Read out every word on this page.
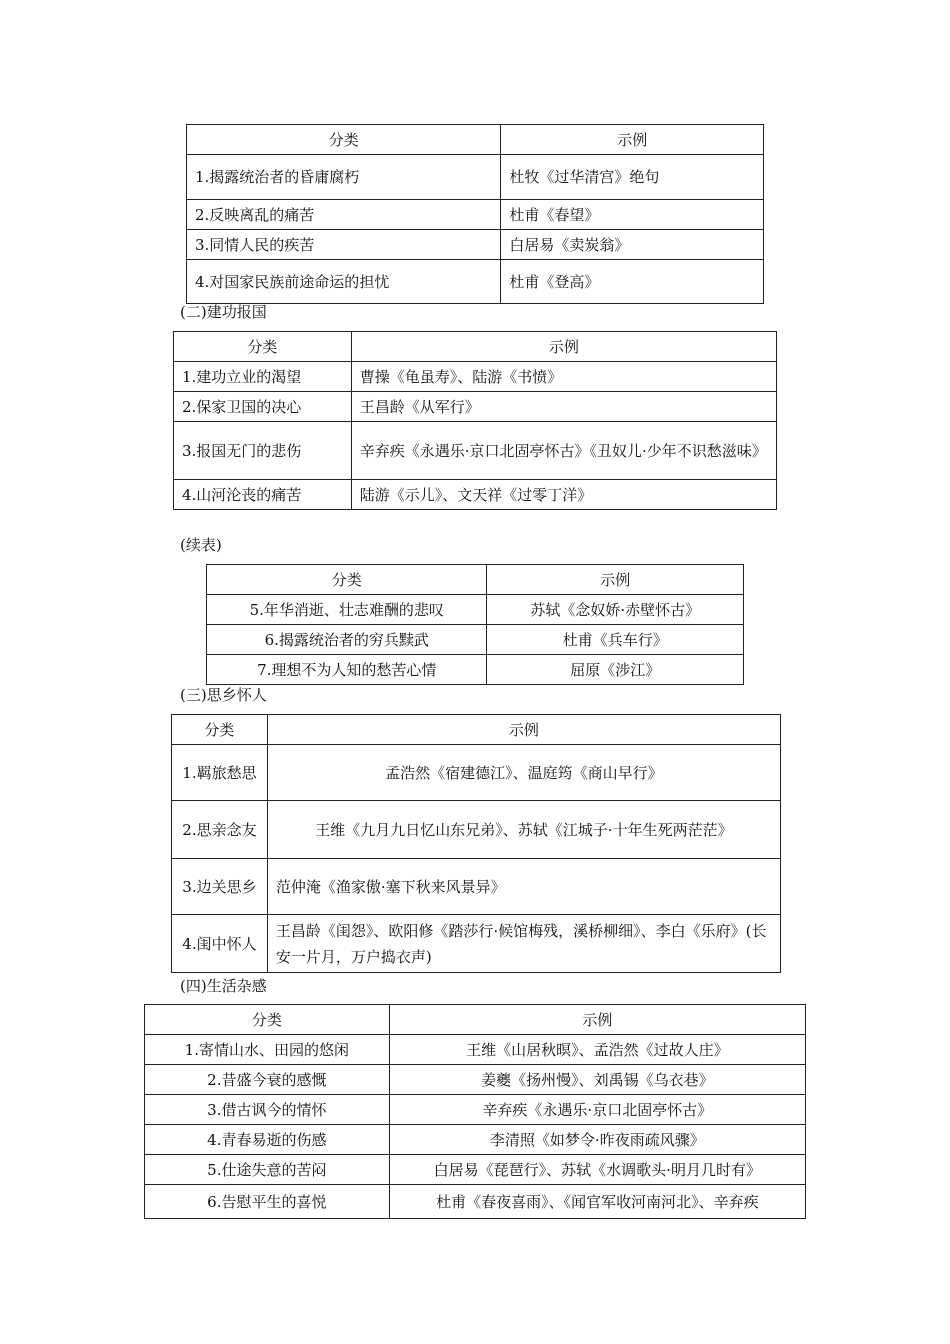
分类	示例
1.揭露统治者的昏庸腐朽	杜牧《过华清宫》绝句
2.反映离乱的痛苦	杜甫《春望》
3.同情人民的疾苦	白居易《卖炭翁》
4.对国家民族前途命运的担忧	杜甫《登高》
(二)建功报国
分类	示例
1.建功立业的渴望	曹操《龟虽寿》、陆游《书愤》
2.保家卫国的决心	王昌龄《从军行》
3.报国无门的悲伤	辛弃疾《永遇乐·京口北固亭怀古》《丑奴儿·少年不识愁滋味》
4.山河沦丧的痛苦	陆游《示儿》、文天祥《过零丁洋》
(续表)
分类	示例
5.年华消逝、壮志难酬的悲叹	苏轼《念奴娇·赤壁怀古》
6.揭露统治者的穷兵黩武	杜甫《兵车行》
7.理想不为人知的愁苦心情	屈原《涉江》
(三)思乡怀人
分类	示例
1.羁旅愁思	孟浩然《宿建德江》、温庭筠《商山早行》
2.思亲念友	王维《九月九日忆山东兄弟》、苏轼《江城子·十年生死两茫茫》
3.边关思乡	范仲淹《渔家傲·塞下秋来风景异》
4.闺中怀人	王昌龄《闺怨》、欧阳修《踏莎行·候馆梅残，溪桥柳细》、李白《乐府》(长安一片月，万户捣衣声)
(四)生活杂感
分类	示例
1.寄情山水、田园的悠闲	王维《山居秋暝》、孟浩然《过故人庄》
2.昔盛今衰的感慨	姜夔《扬州慢》、刘禹锡《乌衣巷》
3.借古讽今的情怀	辛弃疾《永遇乐·京口北固亭怀古》
4.青春易逝的伤感	李清照《如梦令·昨夜雨疏风骤》
5.仕途失意的苦闷	白居易《琵琶行》、苏轼《水调歌头·明月几时有》
6.告慰平生的喜悦	杜甫《春夜喜雨》、《闻官军收河南河北》、辛弃疾
